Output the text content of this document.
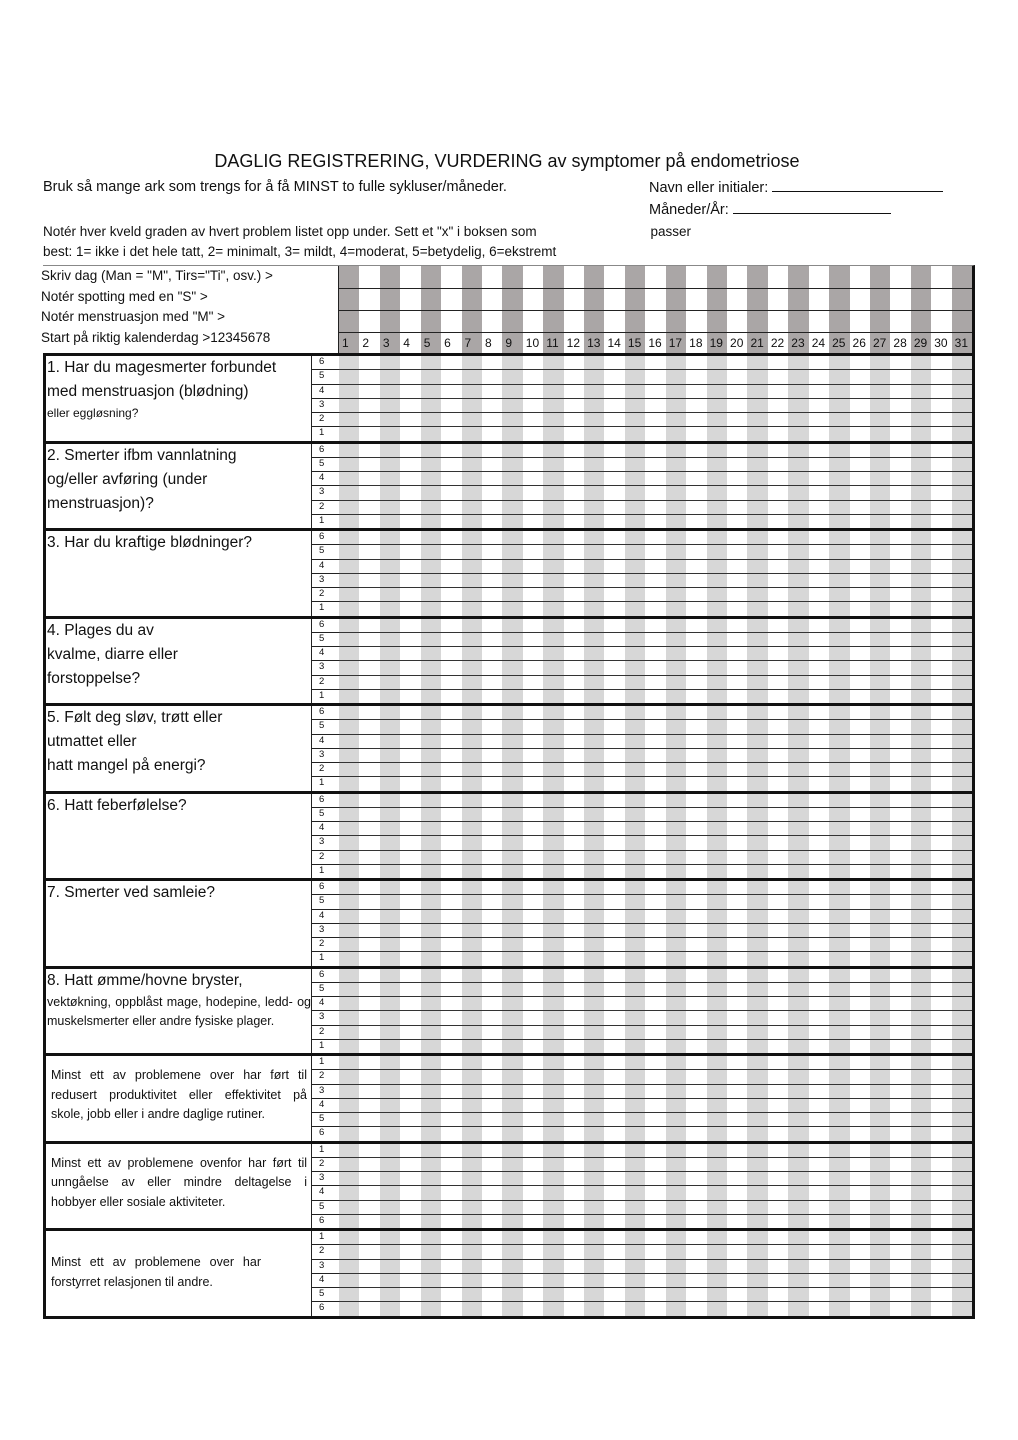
DAGLIG REGISTRERING, VURDERING av symptomer på endometriose
Bruk så mange ark som trengs for å få MINST to fulle sykluser/måneder.	Navn eller initialer:
Måneder/År:
Notér hver kveld graden av hvert problem listet opp under. Sett et "x" i boksen som	passer
best: 1= ikke i det hele tatt, 2= minimalt, 3= mildt, 4=moderat, 5=betydelig, 6=ekstremt
Skriv dag (Man = "M", Tirs="Ti", osv.) >
Notér spotting med en "S" >
Notér menstruasjon med "M" >
Start på riktig kalenderdag >12345678	1	2	3	4	5	6	7	8	9	10 11 12 13 14 15 16 17 18 19 20 21 22 23 24 25 26 27 28 29 30 31
1. Har du magesmerter forbundet
med menstruasjon (blødning)
eller eggløsning?
6
5
4
3
2
1
2. Smerter ifbm vannlatning
og/eller avføring (under
menstruasjon)?
6
5
4
3
2
1
3. Har du kraftige blødninger?	6
5
4
3
2
1
4. Plages du av
kvalme, diarre eller
forstoppelse?
6
5
4
3
2
1
5. Følt deg sløv, trøtt eller
utmattet eller
hatt mangel på energi?
6
5
4
3
2
1
6. Hatt feberfølelse?	6
5
4
3
2
1
7. Smerter ved samleie?	6
5
4
3
2
1
8. Hatt ømme/hovne bryster,
vektøkning, oppblåst mage, hodepine, ledd- og muskelsmerter eller andre fysiske plager.
6
5
4
3
2
1
Minst ett av problemene over har ført til redusert produktivitet eller effektivitet på skole, jobb eller i andre daglige rutiner.
1
2
3
4
5
6
Minst ett av problemene ovenfor har ført til unngåelse av eller mindre deltagelse i hobbyer eller sosiale aktiviteter.
1
2
3
4
5
6
Minst ett av problemene over har forstyrret relasjonen til andre.
1
2
3
4
5
6
